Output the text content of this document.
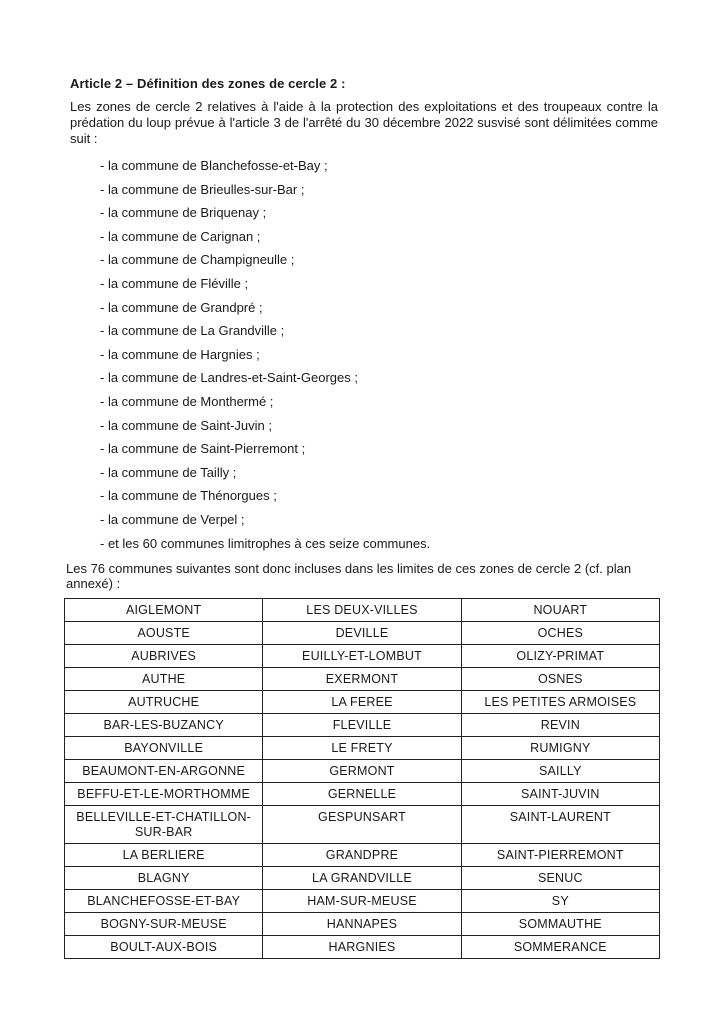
Article 2 – Définition des zones de cercle 2 :
Les zones de cercle 2 relatives à l'aide à la protection des exploitations et des troupeaux contre la prédation du loup prévue à l'article 3 de l'arrêté du 30 décembre 2022 susvisé sont délimitées comme suit :
- la commune de Blanchefosse-et-Bay ;
- la commune de Brieulles-sur-Bar ;
- la commune de Briquenay ;
- la commune de Carignan ;
- la commune de Champigneulle ;
- la commune de Fléville ;
- la commune de Grandpré ;
- la commune de La Grandville ;
- la commune de Hargnies ;
- la commune de Landres-et-Saint-Georges ;
- la commune de Monthermé ;
- la commune de Saint-Juvin ;
- la commune de Saint-Pierremont ;
- la commune de Tailly ;
- la commune de Thénorgues ;
- la commune de Verpel ;
- et les 60 communes limitrophes à ces seize communes.
Les 76 communes suivantes sont donc incluses dans les limites de ces zones de cercle 2 (cf. plan annexé) :
AIGLEMONT	LES DEUX-VILLES	NOUART
AOUSTE	DEVILLE	OCHES
AUBRIVES	EUILLY-ET-LOMBUT	OLIZY-PRIMAT
AUTHE	EXERMONT	OSNES
AUTRUCHE	LA FEREE	LES PETITES ARMOISES
BAR-LES-BUZANCY	FLEVILLE	REVIN
BAYONVILLE	LE FRETY	RUMIGNY
BEAUMONT-EN-ARGONNE	GERMONT	SAILLY
BEFFU-ET-LE-MORTHOMME	GERNELLE	SAINT-JUVIN
BELLEVILLE-ET-CHATILLON-SUR-BAR	GESPUNSART	SAINT-LAURENT
LA BERLIERE	GRANDPRE	SAINT-PIERREMONT
BLAGNY	LA GRANDVILLE	SENUC
BLANCHEFOSSE-ET-BAY	HAM-SUR-MEUSE	SY
BOGNY-SUR-MEUSE	HANNAPES	SOMMAUTHE
BOULT-AUX-BOIS	HARGNIES	SOMMERANCE
